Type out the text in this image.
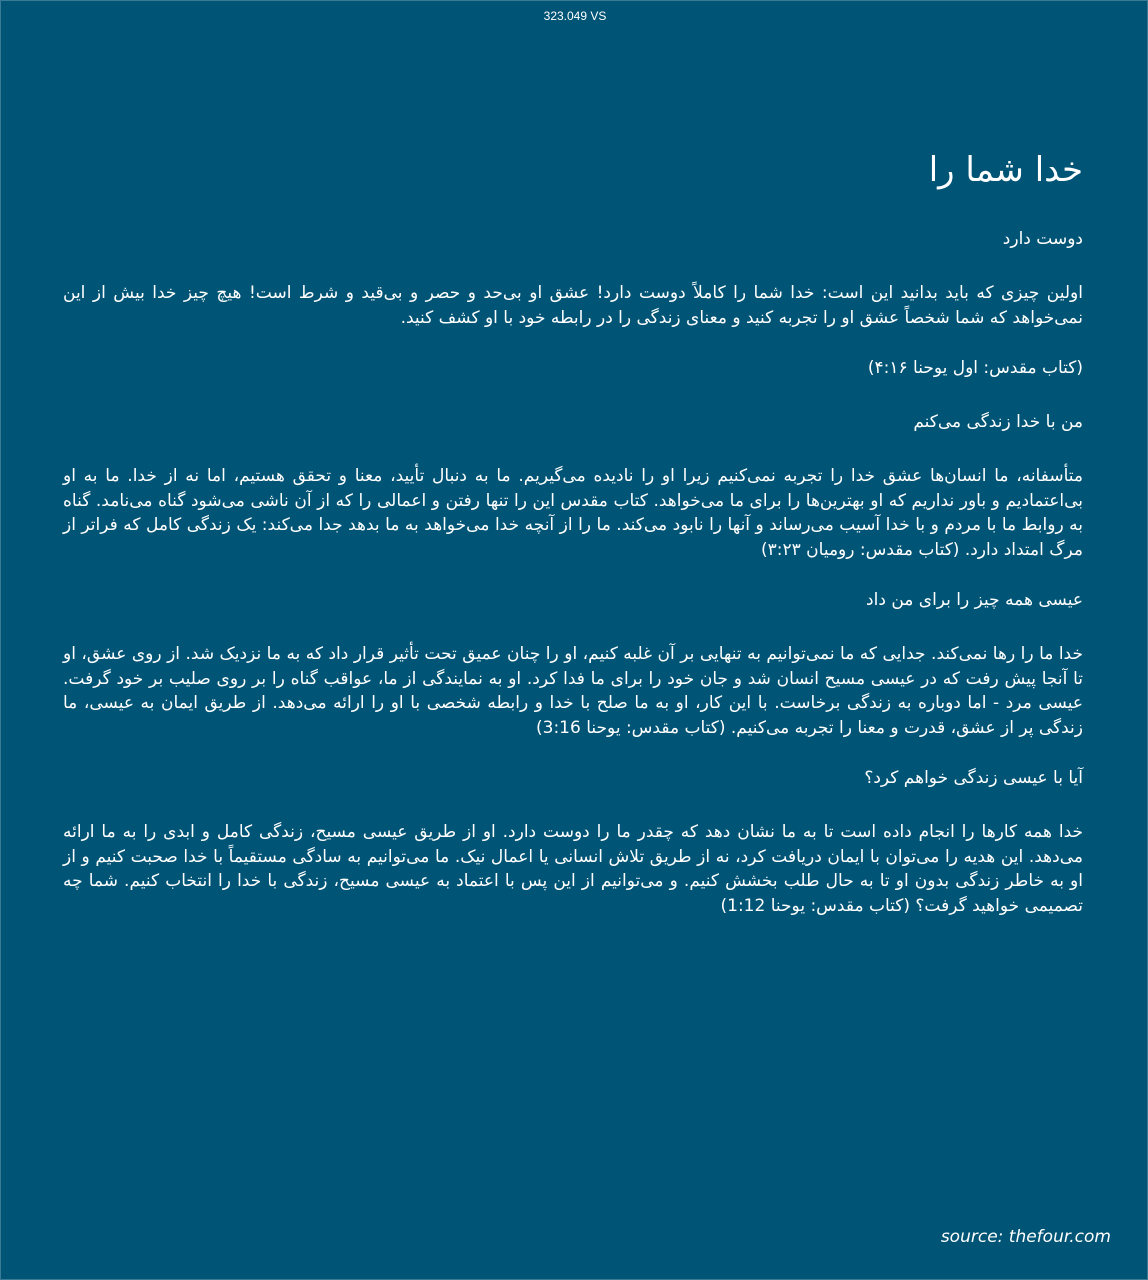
323.049 VS
خدا شما را
دوست دارد
اولین چیزی که باید بدانید این است: خدا شما را کاملاً دوست دارد! عشق او بی‌حد و حصر و بی‌قید و شرط است! هیچ چیز خدا بیش از این نمی‌خواهد که شما شخصاً عشق او را تجربه کنید و معنای زندگی را در رابطه خود با او کشف کنید.
(کتاب مقدس: اول یوحنا ۴:۱۶)
من با خدا زندگی می‌کنم
متأسفانه، ما انسان‌ها عشق خدا را تجربه نمی‌کنیم زیرا او را نادیده می‌گیریم. ما به دنبال تأیید، معنا و تحقق هستیم، اما نه از خدا. ما به او بی‌اعتمادیم و باور نداریم که او بهترین‌ها را برای ما می‌خواهد. کتاب مقدس این را تنها رفتن و اعمالی را که از آن ناشی می‌شود گناه می‌نامد. گناه به روابط ما با مردم و با خدا آسیب می‌رساند و آنها را نابود می‌کند. ما را از آنچه خدا می‌خواهد به ما بدهد جدا می‌کند: یک زندگی کامل که فراتر از مرگ امتداد دارد. (کتاب مقدس: رومیان ۳:۲۳)
عیسی همه چیز را برای من داد
خدا ما را رها نمی‌کند. جدایی که ما نمی‌توانیم به تنهایی بر آن غلبه کنیم، او را چنان عمیق تحت تأثیر قرار داد که به ما نزدیک شد. از روی عشق، او تا آنجا پیش رفت که در عیسی مسیح انسان شد و جان خود را برای ما فدا کرد. او به نمایندگی از ما، عواقب گناه را بر روی صلیب بر خود گرفت. عیسی مرد - اما دوباره به زندگی برخاست. با این کار، او به ما صلح با خدا و رابطه شخصی با او را ارائه می‌دهد. از طریق ایمان به عیسی، ما زندگی پر از عشق، قدرت و معنا را تجربه می‌کنیم. (کتاب مقدس: یوحنا 3:16)
آیا با عیسی زندگی خواهم کرد؟
خدا همه کارها را انجام داده است تا به ما نشان دهد که چقدر ما را دوست دارد. او از طریق عیسی مسیح، زندگی کامل و ابدی را به ما ارائه می‌دهد. این هدیه را می‌توان با ایمان دریافت کرد، نه از طریق تلاش انسانی یا اعمال نیک. ما می‌توانیم به سادگی مستقیماً با خدا صحبت کنیم و از او به خاطر زندگی بدون او تا به حال طلب بخشش کنیم. و می‌توانیم از این پس با اعتماد به عیسی مسیح، زندگی با خدا را انتخاب کنیم. شما چه تصمیمی خواهید گرفت؟ (کتاب مقدس: یوحنا 1:12)
source: thefour.com
